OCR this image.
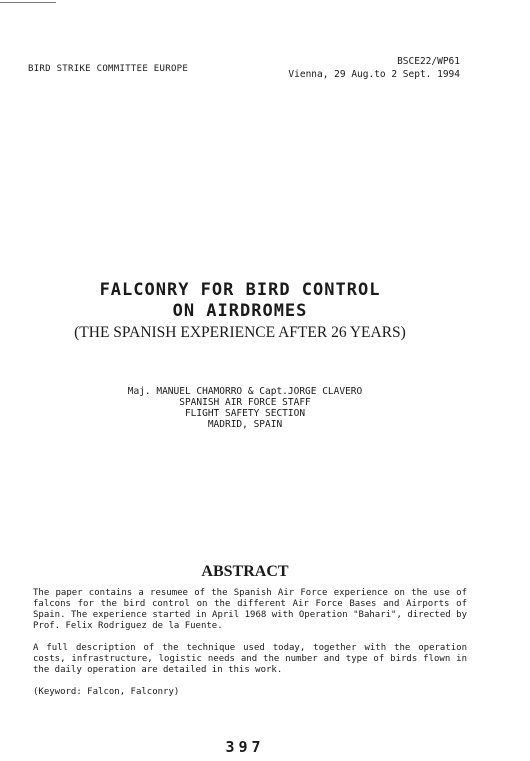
BIRD STRIKE COMMITTEE EUROPE
BSCE22/WP61
Vienna, 29 Aug.to 2 Sept. 1994
FALCONRY FOR BIRD CONTROL
ON AIRDROMES
(THE SPANISH EXPERIENCE AFTER 26 YEARS)
Maj. MANUEL CHAMORRO & Capt.JORGE CLAVERO
SPANISH AIR FORCE STAFF
FLIGHT SAFETY SECTION
MADRID, SPAIN
ABSTRACT

The paper contains a resumee of the Spanish Air Force experience on the use of falcons for the bird control on the different Air Force Bases and Airports of Spain. The experience started in April 1968 with Operation "Bahari", directed by Prof. Felix Rodriguez de la Fuente.

A full description of the technique used today, together with the operation costs, infrastructure, logistic needs and the number and type of birds flown in the daily operation are detailed in this work.

(Keyword: Falcon, Falconry)

397
